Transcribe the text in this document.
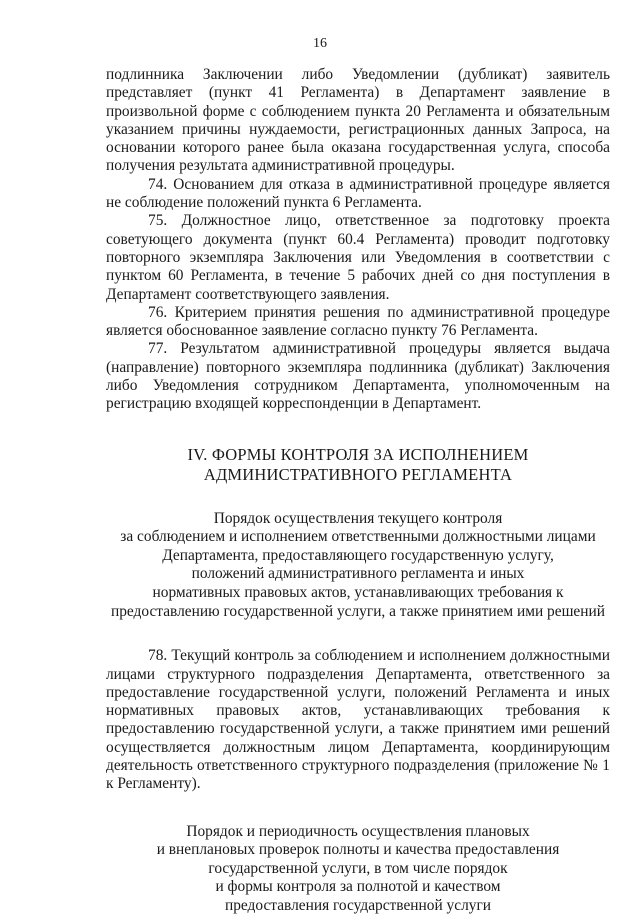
16

подлинника Заключении либо Уведомлении (дубликат) заявитель представляет (пункт 41 Регламента) в Департамент заявление в произвольной форме с соблюдением пункта 20 Регламента и обязательным указанием причины нуждаемости, регистрационных данных Запроса, на основании которого ранее была оказана государственная услуга, способа получения результата административной процедуры.

74. Основанием для отказа в административной процедуре является не соблюдение положений пункта 6 Регламента.

75. Должностное лицо, ответственное за подготовку проекта советующего документа (пункт 60.4 Регламента) проводит подготовку повторного экземпляра Заключения или Уведомления в соответствии с пунктом 60 Регламента, в течение 5 рабочих дней со дня поступления в Департамент соответствующего заявления.

76. Критерием принятия решения по административной процедуре является обоснованное заявление согласно пункту 76 Регламента.

77. Результатом административной процедуры является выдача (направление) повторного экземпляра подлинника (дубликат) Заключения либо Уведомления сотрудником Департамента, уполномоченным на регистрацию входящей корреспонденции в Департамент.

IV. ФОРМЫ КОНТРОЛЯ ЗА ИСПОЛНЕНИЕМ
АДМИНИСТРАТИВНОГО РЕГЛАМЕНТА
Порядок осуществления текущего контроля
за соблюдением и исполнением ответственными должностными лицами
Департамента, предоставляющего государственную услугу,
положений административного регламента и иных
нормативных правовых актов, устанавливающих требования к
предоставлению государственной услуги, а также принятием ими решений

78. Текущий контроль за соблюдением и исполнением должностными лицами структурного подразделения Департамента, ответственного за предоставление государственной услуги, положений Регламента и иных нормативных правовых актов, устанавливающих требования к предоставлению государственной услуги, а также принятием ими решений осуществляется должностным лицом Департамента, координирующим деятельность ответственного структурного подразделения (приложение № 1 к Регламенту).

Порядок и периодичность осуществления плановых
и внеплановых проверок полноты и качества предоставления
государственной услуги, в том числе порядок
и формы контроля за полнотой и качеством
предоставления государственной услуги
